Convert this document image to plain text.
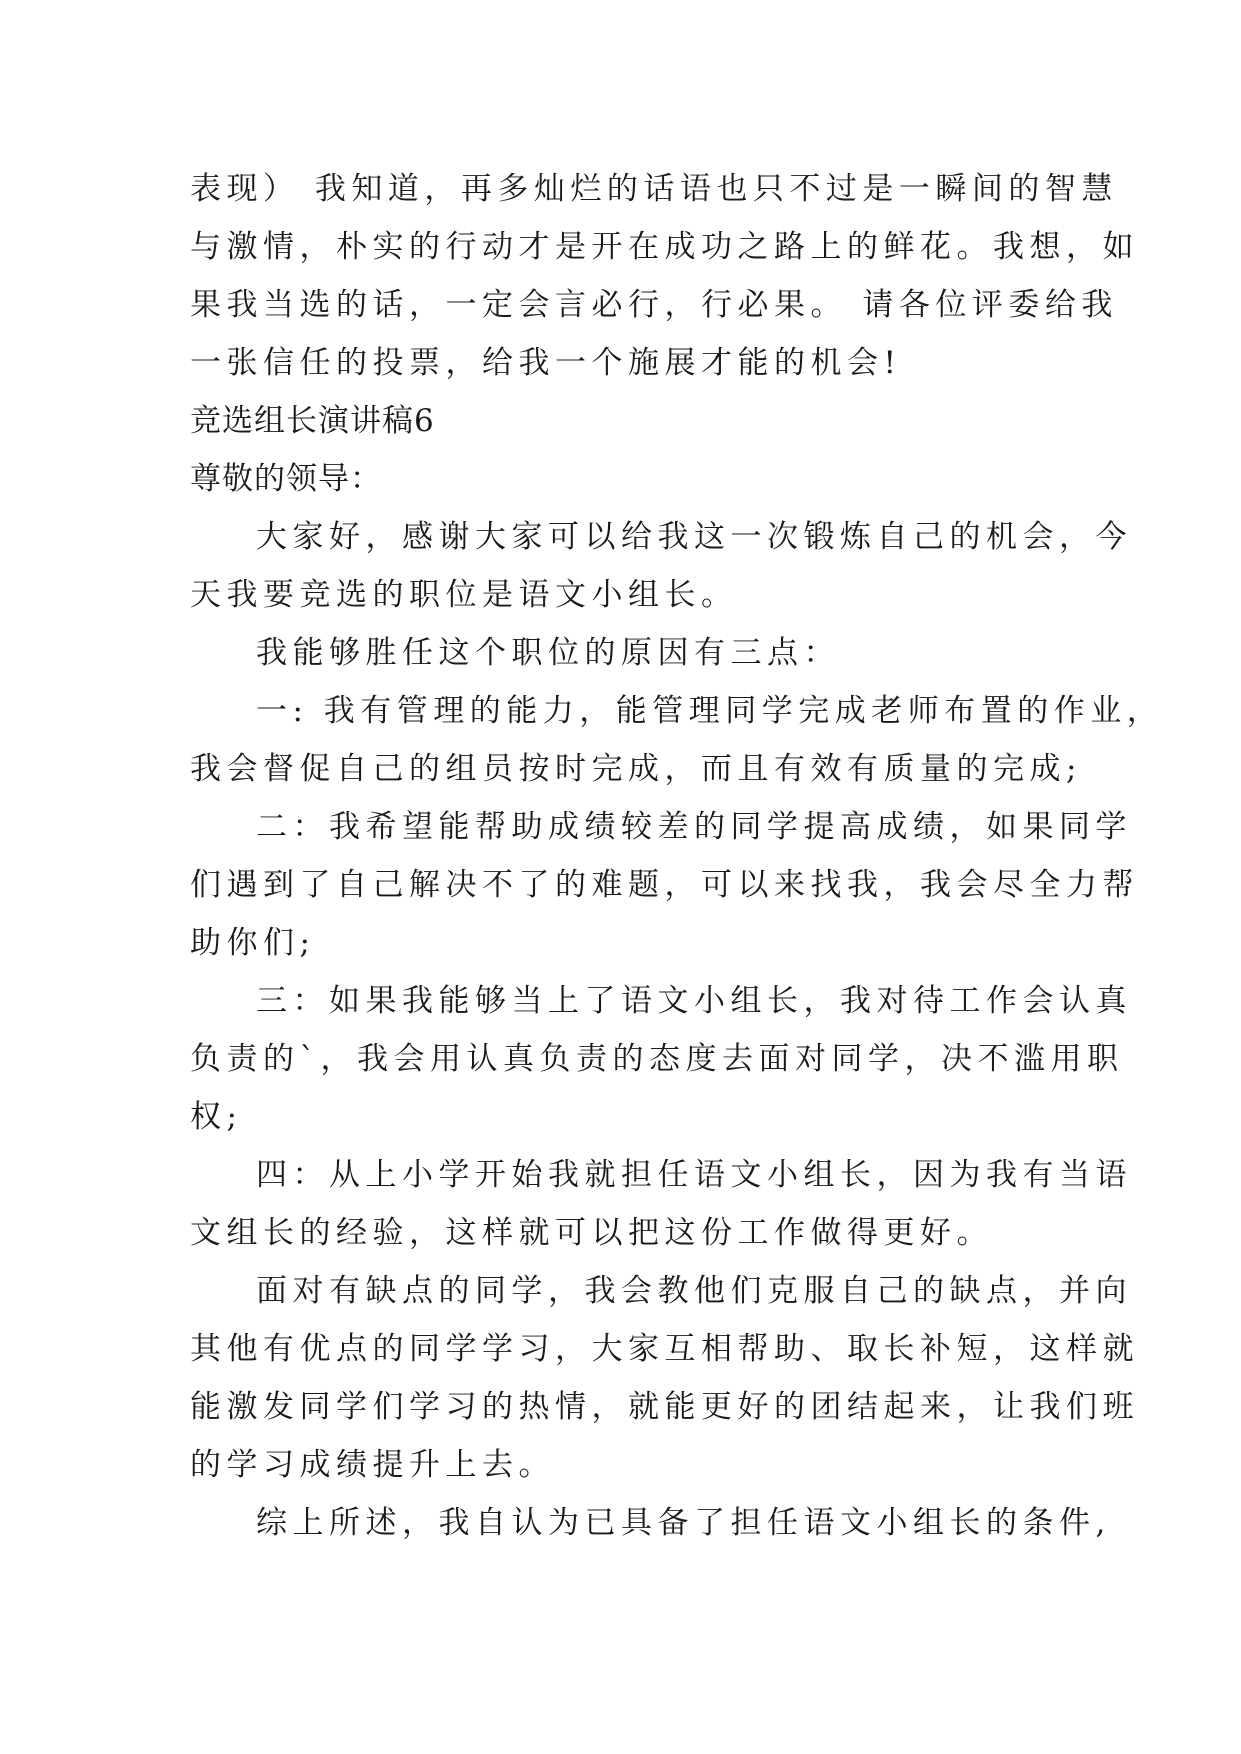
表现） 我知道，再多灿烂的话语也只不过是一瞬间的智慧

与激情，朴实的行动才是开在成功之路上的鲜花。我想，如

果我当选的话，一定会言必行，行必果。 请各位评委给我

一张信任的投票，给我一个施展才能的机会!

竞选组长演讲稿6

尊敬的领导：

大家好，感谢大家可以给我这一次锻炼自己的机会，今

天我要竞选的职位是语文小组长。

我能够胜任这个职位的原因有三点：

一: 我有管理的能力，能管理同学完成老师布置的作业，

我会督促自己的组员按时完成，而且有效有质量的完成;

二：我希望能帮助成绩较差的同学提高成绩，如果同学

们遇到了自己解决不了的难题，可以来找我，我会尽全力帮

助你们;

三：如果我能够当上了语文小组长，我对待工作会认真

负责的`，我会用认真负责的态度去面对同学，决不滥用职

权;

四：从上小学开始我就担任语文小组长，因为我有当语

文组长的经验，这样就可以把这份工作做得更好。

面对有缺点的同学，我会教他们克服自己的缺点，并向

其他有优点的同学学习，大家互相帮助、取长补短，这样就

能激发同学们学习的热情，就能更好的团结起来，让我们班

的学习成绩提升上去。

综上所述，我自认为已具备了担任语文小组长的条件,
